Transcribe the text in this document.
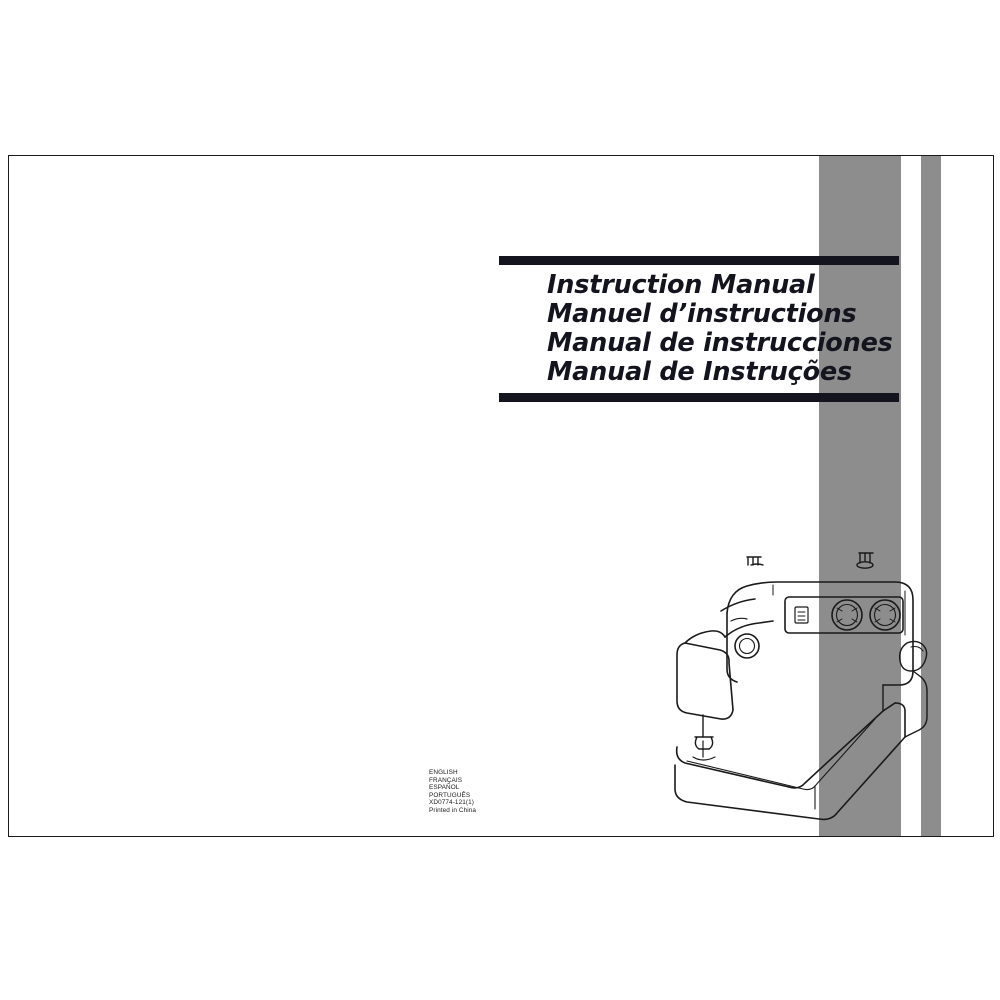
Instruction Manual
Manuel d’instructions
Manual de instrucciones
Manual de Instruções
ENGLISH
FRANÇAIS
ESPAÑOL
PORTUGUÊS
XD0774-121(1)
Printed in China
